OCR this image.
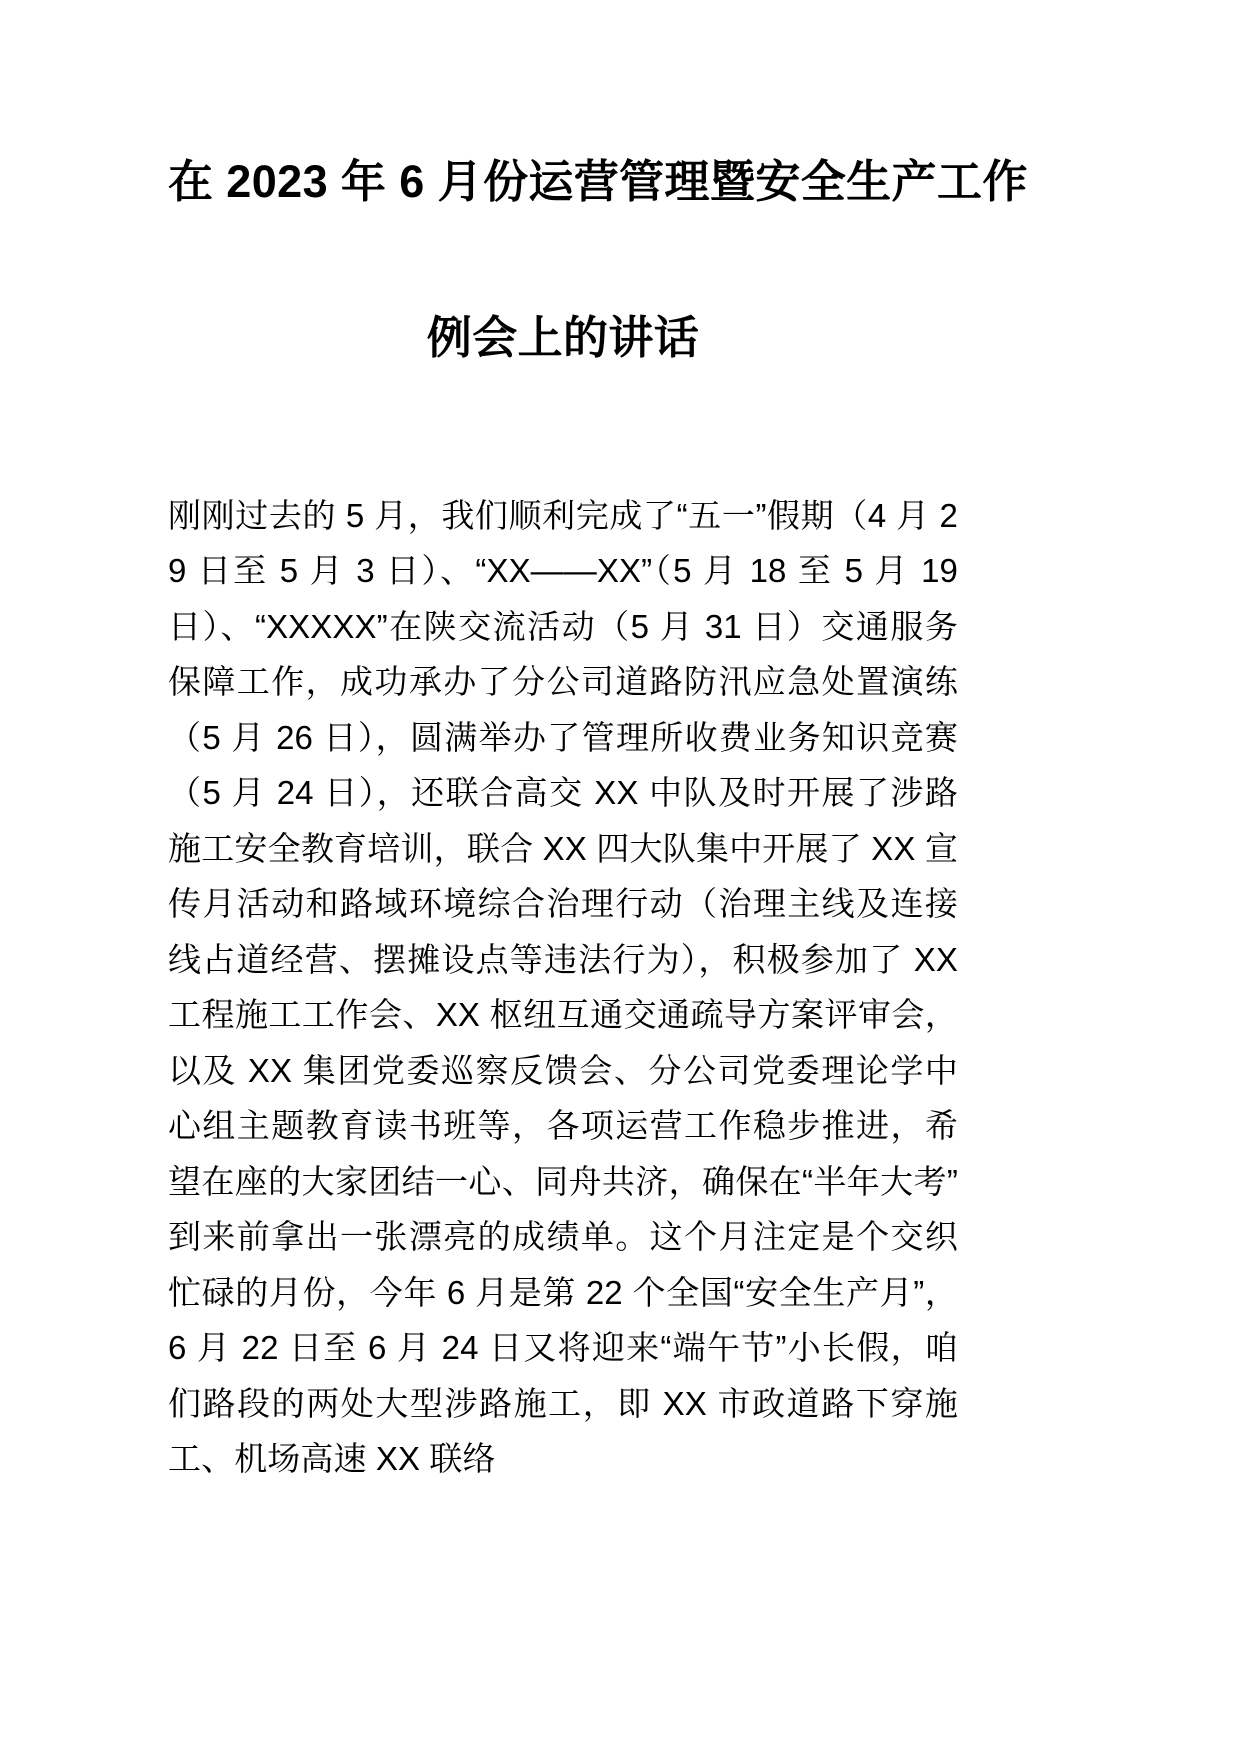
在 2023 年 6 月份运营管理暨安全生产工作
例会上的讲话

刚刚过去的 5 月，我们顺利完成了“五一”假期（4 月 29 日至 5 月 3 日）、“XX——XX”（5 月 18 至 5 月 19 日）、“XXXXX”在陕交流活动（5 月 31 日）交通服务保障工作，成功承办了分公司道路防汛应急处置演练（5 月 26 日），圆满举办了管理所收费业务知识竞赛（5 月 24 日），还联合高交 XX 中队及时开展了涉路施工安全教育培训，联合 XX 四大队集中开展了 XX 宣传月活动和路域环境综合治理行动（治理主线及连接线占道经营、摆摊设点等违法行为），积极参加了 XX 工程施工工作会、XX 枢纽互通交通疏导方案评审会，以及 XX 集团党委巡察反馈会、分公司党委理论学中心组主题教育读书班等，各项运营工作稳步推进，希望在座的大家团结一心、同舟共济，确保在“半年大考”到来前拿出一张漂亮的成绩单。这个月注定是个交织忙碌的月份，今年 6 月是第 22 个全国“安全生产月”，6 月 22 日至 6 月 24 日又将迎来“端午节”小长假，咱们路段的两处大型涉路施工，即 XX 市政道路下穿施工、机场高速 XX 联络
